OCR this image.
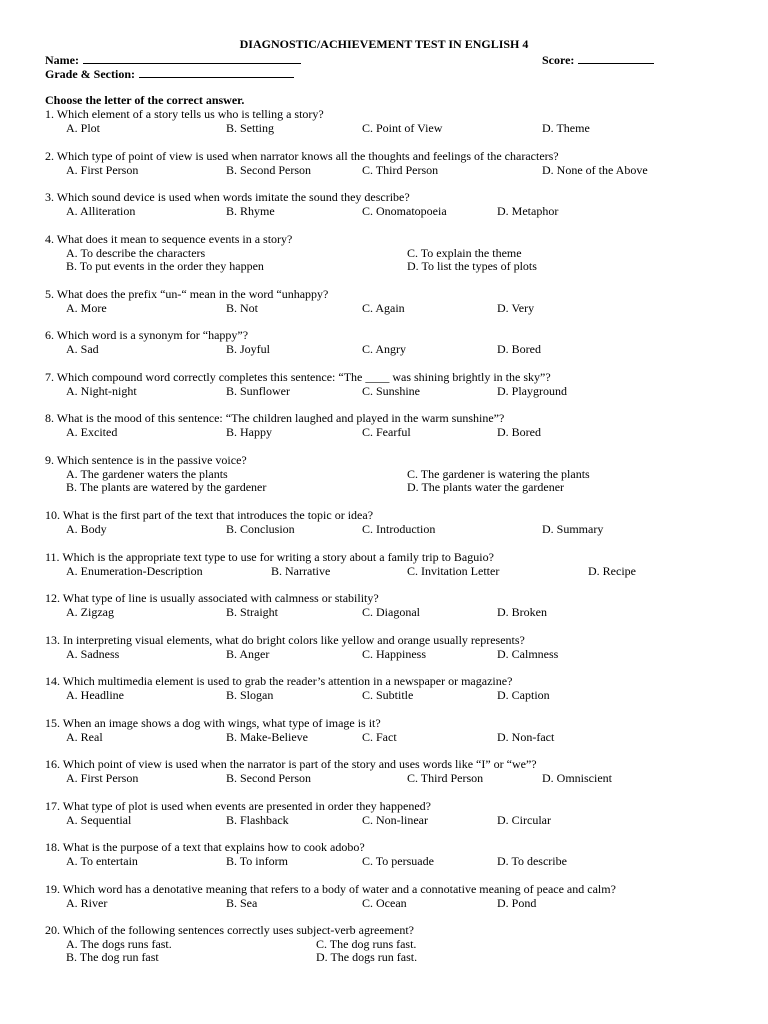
DIAGNOSTIC/ACHIEVEMENT TEST IN ENGLISH 4
Name:	Score:
Grade & Section:
Choose the letter of the correct answer.
1. Which element of a story tells us who is telling a story?
A. Plot	B. Setting	C. Point of View	D. Theme
2. Which type of point of view is used when narrator knows all the thoughts and feelings of the characters?
A. First Person	B. Second Person	C. Third Person	D. None of the Above
3. Which sound device is used when words imitate the sound they describe?
A. Alliteration	B. Rhyme	C. Onomatopoeia	D. Metaphor
4. What does it mean to sequence events in a story?
A. To describe the characters	C. To explain the theme
B. To put events in the order they happen	D. To list the types of plots
5. What does the prefix “un-“ mean in the word “unhappy?
A. More	B. Not	C. Again	D. Very
6. Which word is a synonym for “happy”?
A. Sad	B. Joyful	C. Angry	D. Bored
7. Which compound word correctly completes this sentence: “The ____ was shining brightly in the sky”?
A. Night-night	B. Sunflower	C. Sunshine	D. Playground
8. What is the mood of this sentence: “The children laughed and played in the warm sunshine”?
A. Excited	B. Happy	C. Fearful	D. Bored
9. Which sentence is in the passive voice?
A. The gardener waters the plants	C. The gardener is watering the plants
B. The plants are watered by the gardener	D. The plants water the gardener
10. What is the first part of the text that introduces the topic or idea?
A. Body	B. Conclusion	C. Introduction	D. Summary
11. Which is the appropriate text type to use for writing a story about a family trip to Baguio?
A. Enumeration-Description	B. Narrative	C. Invitation Letter	D. Recipe
12. What type of line is usually associated with calmness or stability?
A. Zigzag	B. Straight	C. Diagonal	D. Broken
13. In interpreting visual elements, what do bright colors like yellow and orange usually represents?
A. Sadness	B. Anger	C. Happiness	D. Calmness
14. Which multimedia element is used to grab the reader’s attention in a newspaper or magazine?
A. Headline	B. Slogan	C. Subtitle	D. Caption
15. When an image shows a dog with wings, what type of image is it?
A. Real	B. Make-Believe	C. Fact	D. Non-fact
16. Which point of view is used when the narrator is part of the story and uses words like “I” or “we”?
A. First Person	B. Second Person	C. Third Person	D. Omniscient
17. What type of plot is used when events are presented in order they happened?
A. Sequential	B. Flashback	C. Non-linear	D. Circular
18. What is the purpose of a text that explains how to cook adobo?
A. To entertain	B. To inform	C. To persuade	D. To describe
19. Which word has a denotative meaning that refers to a body of water and a connotative meaning of peace and calm?
A. River	B. Sea	C. Ocean	D. Pond
20. Which of the following sentences correctly uses subject-verb agreement?
A. The dogs runs fast.	C. The dog runs fast.
B. The dog run fast	D. The dogs run fast.
